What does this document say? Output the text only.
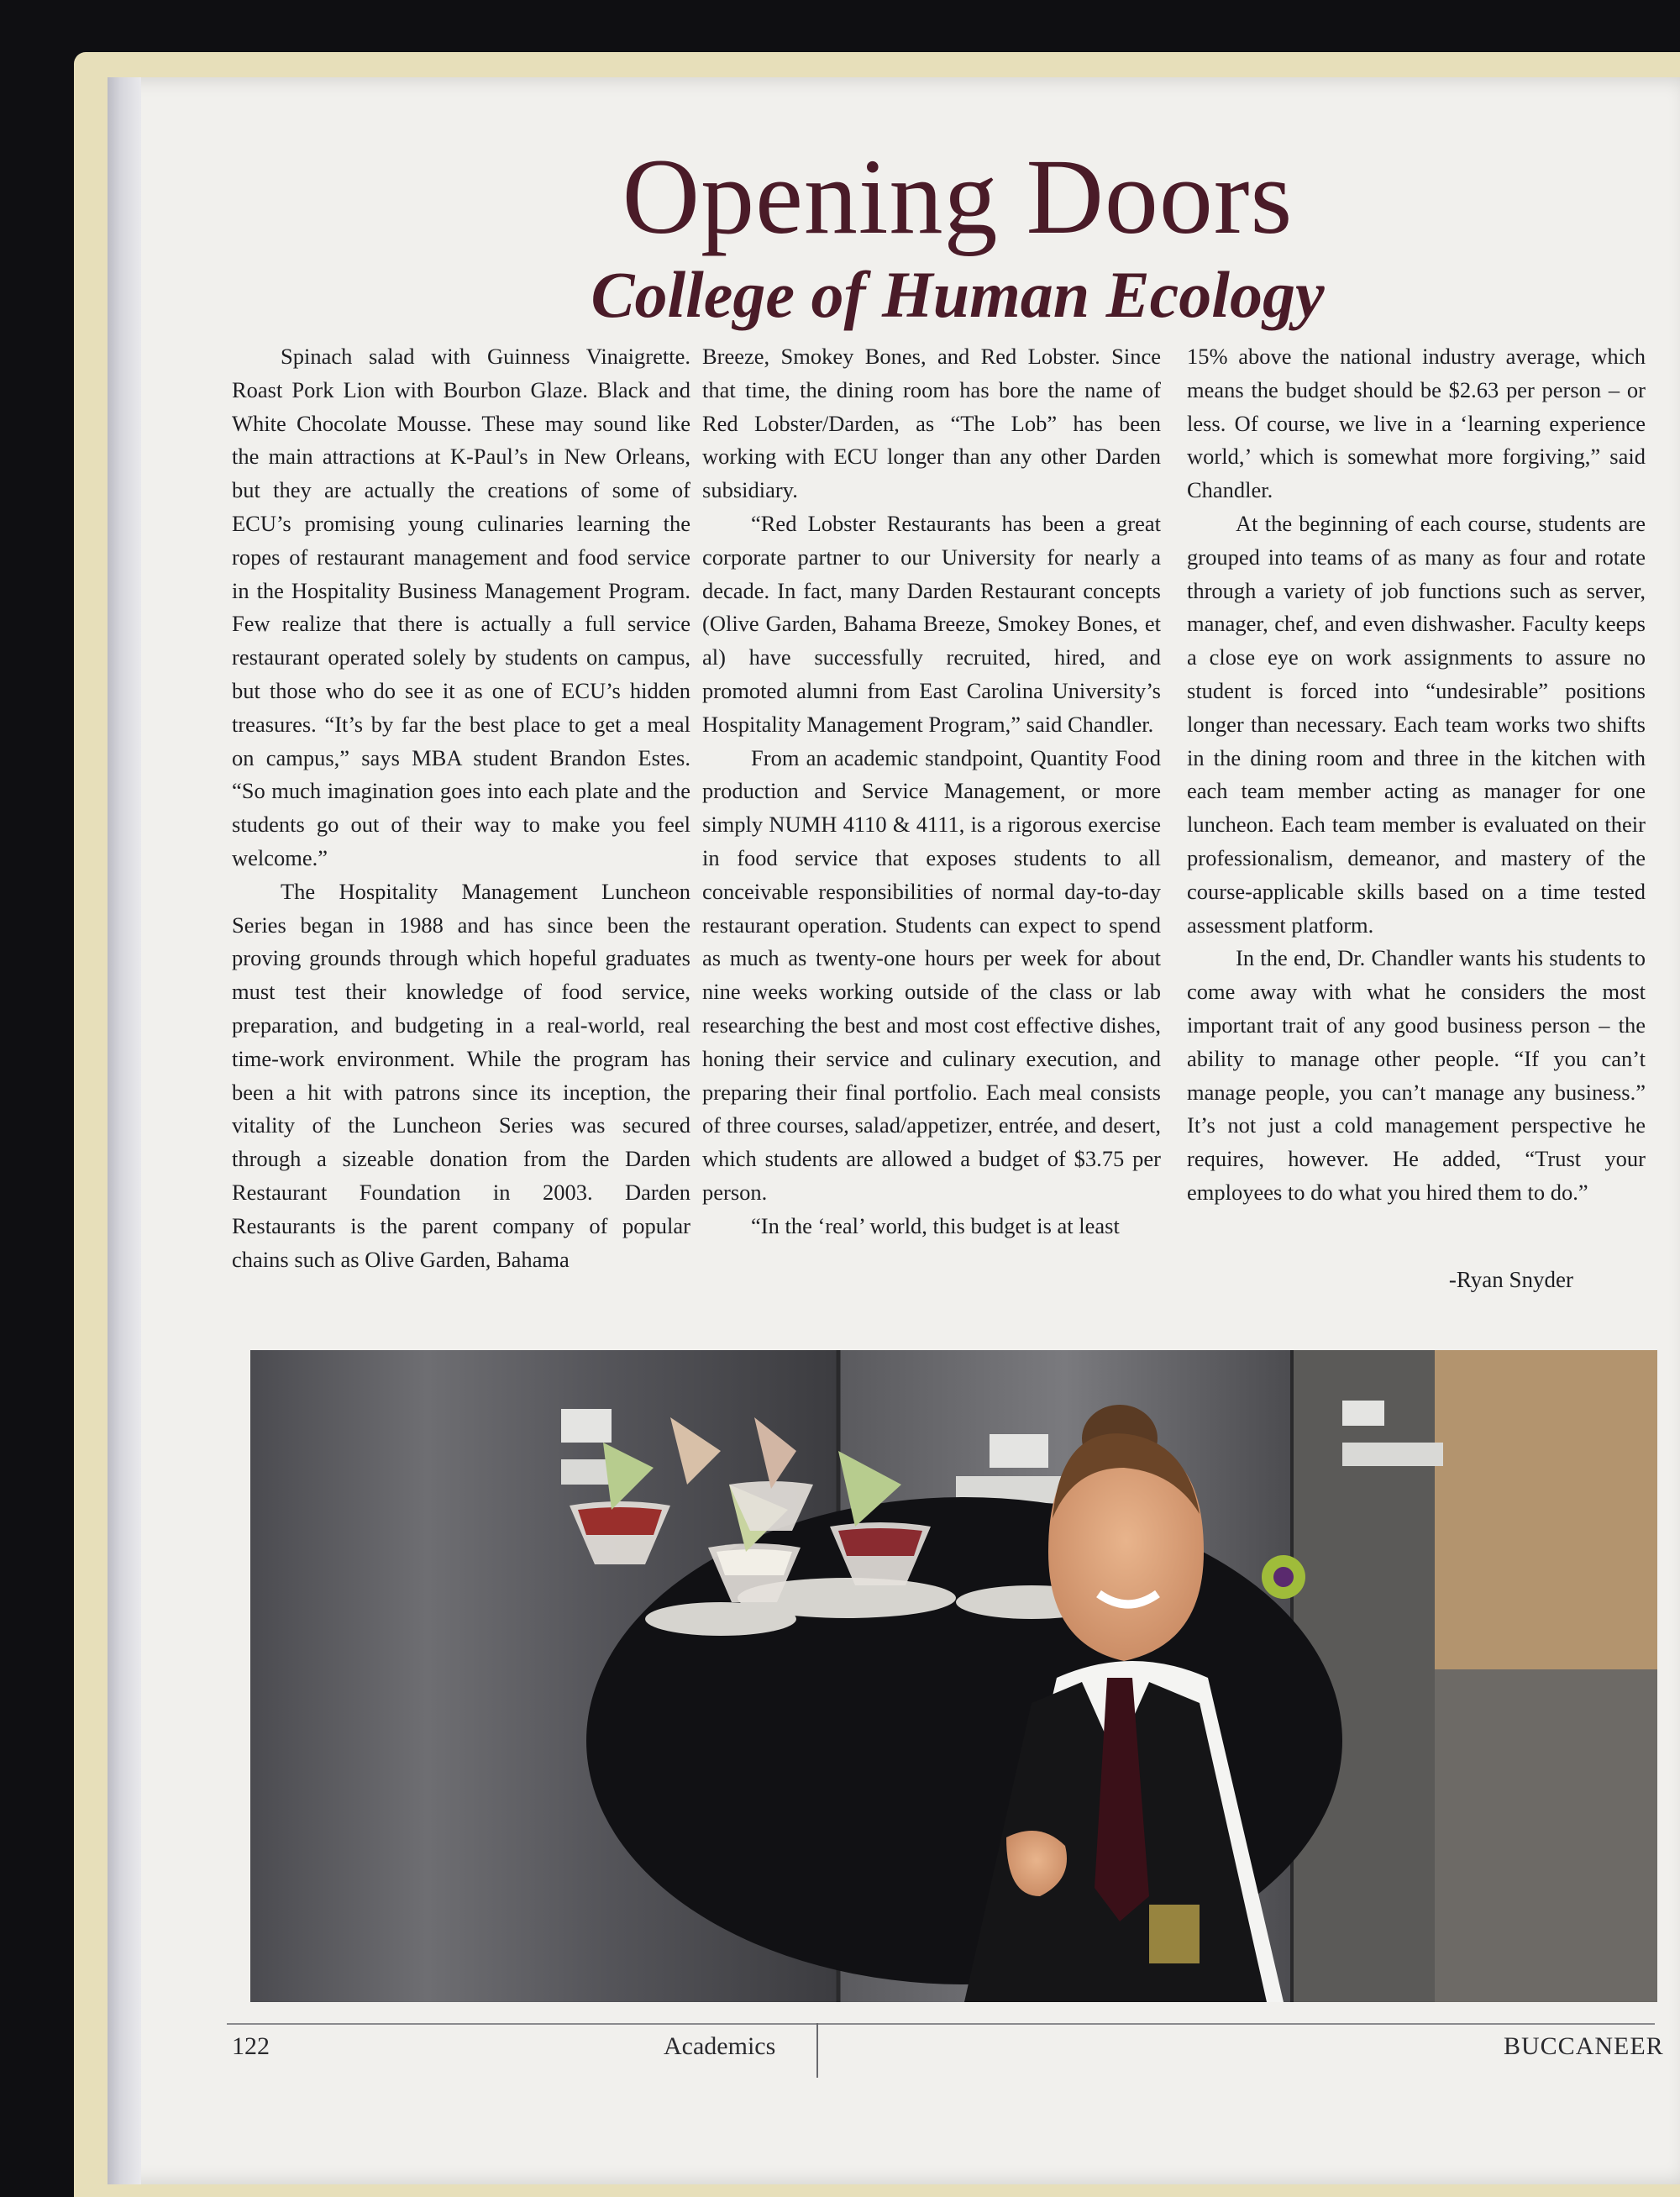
Opening Doors
College of Human Ecology

Spinach salad with Guinness Vinaigrette. Roast Pork Lion with Bourbon Glaze. Black and White Chocolate Mousse. These may sound like the main attractions at K-Paul’s in New Orleans, but they are actually the creations of some of ECU’s promising young culinaries learning the ropes of restaurant management and food service in the Hospitality Business Management Program. Few realize that there is actually a full service restaurant operated solely by students on campus, but those who do see it as one of ECU’s hidden treasures. “It’s by far the best place to get a meal on campus,” says MBA student Brandon Estes. “So much imagination goes into each plate and the students go out of their way to make you feel welcome.”

The Hospitality Management Luncheon Series began in 1988 and has since been the proving grounds through which hopeful graduates must test their knowledge of food service, preparation, and budgeting in a real-world, real time-work environment. While the program has been a hit with patrons since its inception, the vitality of the Luncheon Series was secured through a sizeable donation from the Darden Restaurant Foundation in 2003. Darden Restaurants is the parent company of popular chains such as Olive Garden, Bahama

Breeze, Smokey Bones, and Red Lobster. Since that time, the dining room has bore the name of Red Lobster/Darden, as “The Lob” has been working with ECU longer than any other Darden subsidiary.

“Red Lobster Restaurants has been a great corporate partner to our University for nearly a decade. In fact, many Darden Restaurant concepts (Olive Garden, Bahama Breeze, Smokey Bones, et al) have successfully recruited, hired, and promoted alumni from East Carolina University’s Hospitality Management Program,” said Chandler.

From an academic standpoint, Quantity Food production and Service Management, or more simply NUMH 4110 & 4111, is a rigorous exercise in food service that exposes students to all conceivable responsibilities of normal day-to-day restaurant operation. Students can expect to spend as much as twenty-one hours per week for about nine weeks working outside of the class or lab researching the best and most cost effective dishes, honing their service and culinary execution, and preparing their final portfolio. Each meal consists of three courses, salad/appetizer, entrée, and desert, which students are allowed a budget of $3.75 per person.

“In the ‘real’ world, this budget is at least

15% above the national industry average, which means the budget should be $2.63 per person – or less. Of course, we live in a ‘learning experience world,’ which is somewhat more forgiving,” said Chandler.

At the beginning of each course, students are grouped into teams of as many as four and rotate through a variety of job functions such as server, manager, chef, and even dishwasher. Faculty keeps a close eye on work assignments to assure no student is forced into “undesirable” positions longer than necessary. Each team works two shifts in the dining room and three in the kitchen with each team member acting as manager for one luncheon. Each team member is evaluated on their professionalism, demeanor, and mastery of the course-applicable skills based on a time tested assessment platform.

In the end, Dr. Chandler wants his students to come away with what he considers the most important trait of any good business person – the ability to manage other people. “If you can’t manage people, you can’t manage any business.” It’s not just a cold management perspective he requires, however. He added, “Trust your employees to do what you hired them to do.”

-Ryan Snyder
122	Academics	BUCCANEER
